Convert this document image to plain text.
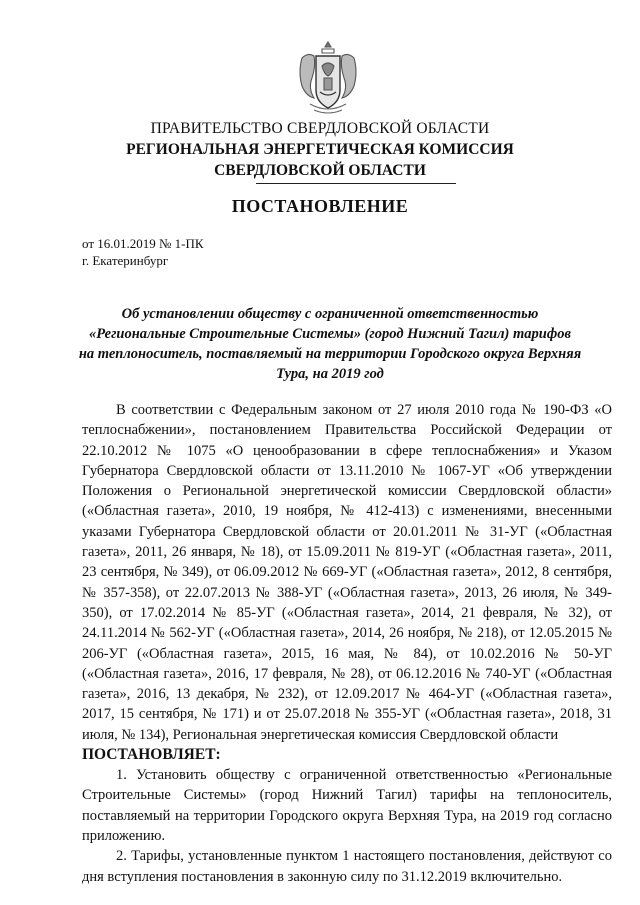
ПРАВИТЕЛЬСТВО СВЕРДЛОВСКОЙ ОБЛАСТИ
РЕГИОНАЛЬНАЯ ЭНЕРГЕТИЧЕСКАЯ КОМИССИЯ
СВЕРДЛОВСКОЙ ОБЛАСТИ
ПОСТАНОВЛЕНИЕ
от 16.01.2019 № 1-ПК
г. Екатеринбург
Об установлении обществу с ограниченной ответственностью
«Региональные Строительные Системы» (город Нижний Тагил) тарифов
на теплоноситель, поставляемый на территории Городского округа Верхняя
Тура, на 2019 год

В соответствии с Федеральным законом от 27 июля 2010 года № 190-ФЗ «О теплоснабжении», постановлением Правительства Российской Федерации от 22.10.2012 № 1075 «О ценообразовании в сфере теплоснабжения» и Указом Губернатора Свердловской области от 13.11.2010 № 1067-УГ «Об утверждении Положения о Региональной энергетической комиссии Свердловской области» («Областная газета», 2010, 19 ноября, № 412-413) с изменениями, внесенными указами Губернатора Свердловской области от 20.01.2011 № 31-УГ («Областная газета», 2011, 26 января, № 18), от 15.09.2011 № 819-УГ («Областная газета», 2011, 23 сентября, № 349), от 06.09.2012 № 669-УГ («Областная газета», 2012, 8 сентября, № 357-358), от 22.07.2013 № 388-УГ («Областная газета», 2013, 26 июля, № 349-350), от 17.02.2014 № 85-УГ («Областная газета», 2014, 21 февраля, № 32), от 24.11.2014 № 562-УГ («Областная газета», 2014, 26 ноября, № 218), от 12.05.2015 № 206-УГ («Областная газета», 2015, 16 мая, № 84), от 10.02.2016 № 50-УГ («Областная газета», 2016, 17 февраля, № 28), от 06.12.2016 № 740-УГ («Областная газета», 2016, 13 декабря, № 232), от 12.09.2017 № 464-УГ («Областная газета», 2017, 15 сентября, № 171) и от 25.07.2018 № 355-УГ («Областная газета», 2018, 31 июля, № 134), Региональная энергетическая комиссия Свердловской области

ПОСТАНОВЛЯЕТ:

1. Установить обществу с ограниченной ответственностью «Региональные Строительные Системы» (город Нижний Тагил) тарифы на теплоноситель, поставляемый на территории Городского округа Верхняя Тура, на 2019 год согласно приложению.

2. Тарифы, установленные пунктом 1 настоящего постановления, действуют со дня вступления постановления в законную силу по 31.12.2019 включительно.
